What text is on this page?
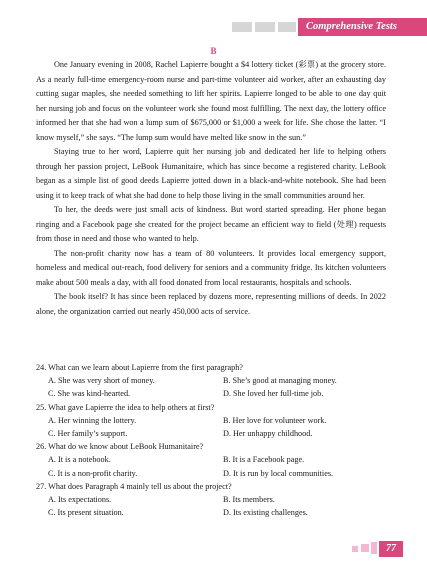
Comprehensive Tests
B

One January evening in 2008, Rachel Lapierre bought a $4 lottery ticket (彩票) at the grocery store. As a nearly full-time emergency-room nurse and part-time volunteer aid worker, after an exhausting day cutting sugar maples, she needed something to lift her spirits. Lapierre longed to be able to one day quit her nursing job and focus on the volunteer work she found most fulfilling. The next day, the lottery office informed her that she had won a lump sum of $675,000 or $1,000 a week for life. She chose the latter. “I know myself,” she says. “The lump sum would have melted like snow in the sun.”

Staying true to her word, Lapierre quit her nursing job and dedicated her life to helping others through her passion project, LeBook Humanitaire, which has since become a registered charity. LeBook began as a simple list of good deeds Lapierre jotted down in a black-and-white notebook. She had been using it to keep track of what she had done to help those living in the small communities around her.

To her, the deeds were just small acts of kindness. But word started spreading. Her phone began ringing and a Facebook page she created for the project became an efficient way to field (处理) requests from those in need and those who wanted to help.

The non-profit charity now has a team of 80 volunteers. It provides local emergency support, homeless and medical out-reach, food delivery for seniors and a community fridge. Its kitchen volunteers make about 500 meals a day, with all food donated from local restaurants, hospitals and schools.

The book itself? It has since been replaced by dozens more, representing millions of deeds. In 2022 alone, the organization carried out nearly 450,000 acts of service.

24. What can we learn about Lapierre from the first paragraph?
A. She was very short of money.	B. She’s good at managing money.
C. She was kind-hearted.	D. She loved her full-time job.
25. What gave Lapierre the idea to help others at first?
A. Her winning the lottery.	B. Her love for volunteer work.
C. Her family’s support.	D. Her unhappy childhood.
26. What do we know about LeBook Humanitaire?
A. It is a notebook.	B. It is a Facebook page.
C. It is a non-profit charity.	D. It is run by local communities.
27. What does Paragraph 4 mainly tell us about the project?
A. Its expectations.	B. Its members.
C. Its present situation.	D. Its existing challenges.
77
